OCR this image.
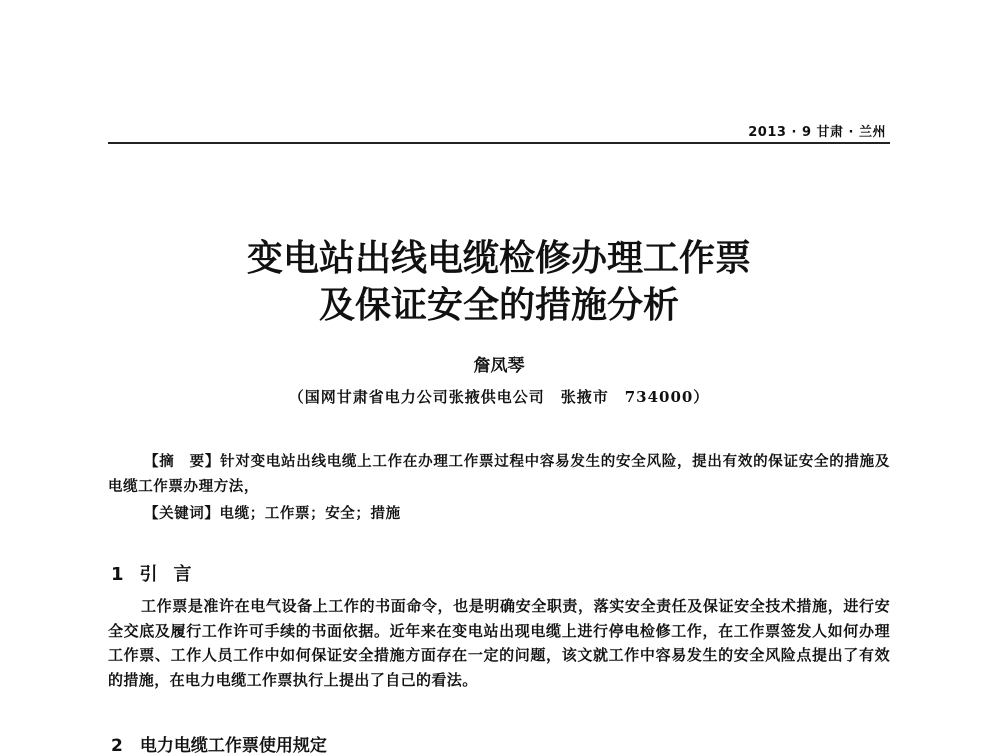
2013 · 9 甘肃 · 兰州
变电站出线电缆检修办理工作票
及保证安全的措施分析
詹凤琴
（国网甘肃省电力公司张掖供电公司　张掖市　734000）
【摘　要】针对变电站出线电缆上工作在办理工作票过程中容易发生的安全风险，提出有效的保证安全的措施及电缆工作票办理方法，
【关键词】电缆；工作票；安全；措施
1 引言
工作票是准许在电气设备上工作的书面命令，也是明确安全职责，落实安全责任及保证安全技术措施，进行安全交底及履行工作许可手续的书面依据。近年来在变电站出现电缆上进行停电检修工作，在工作票签发人如何办理工作票、工作人员工作中如何保证安全措施方面存在一定的问题，该文就工作中容易发生的安全风险点提出了有效的措施，在电力电缆工作票执行上提出了自己的看法。
2　电力电缆工作票使用规定
